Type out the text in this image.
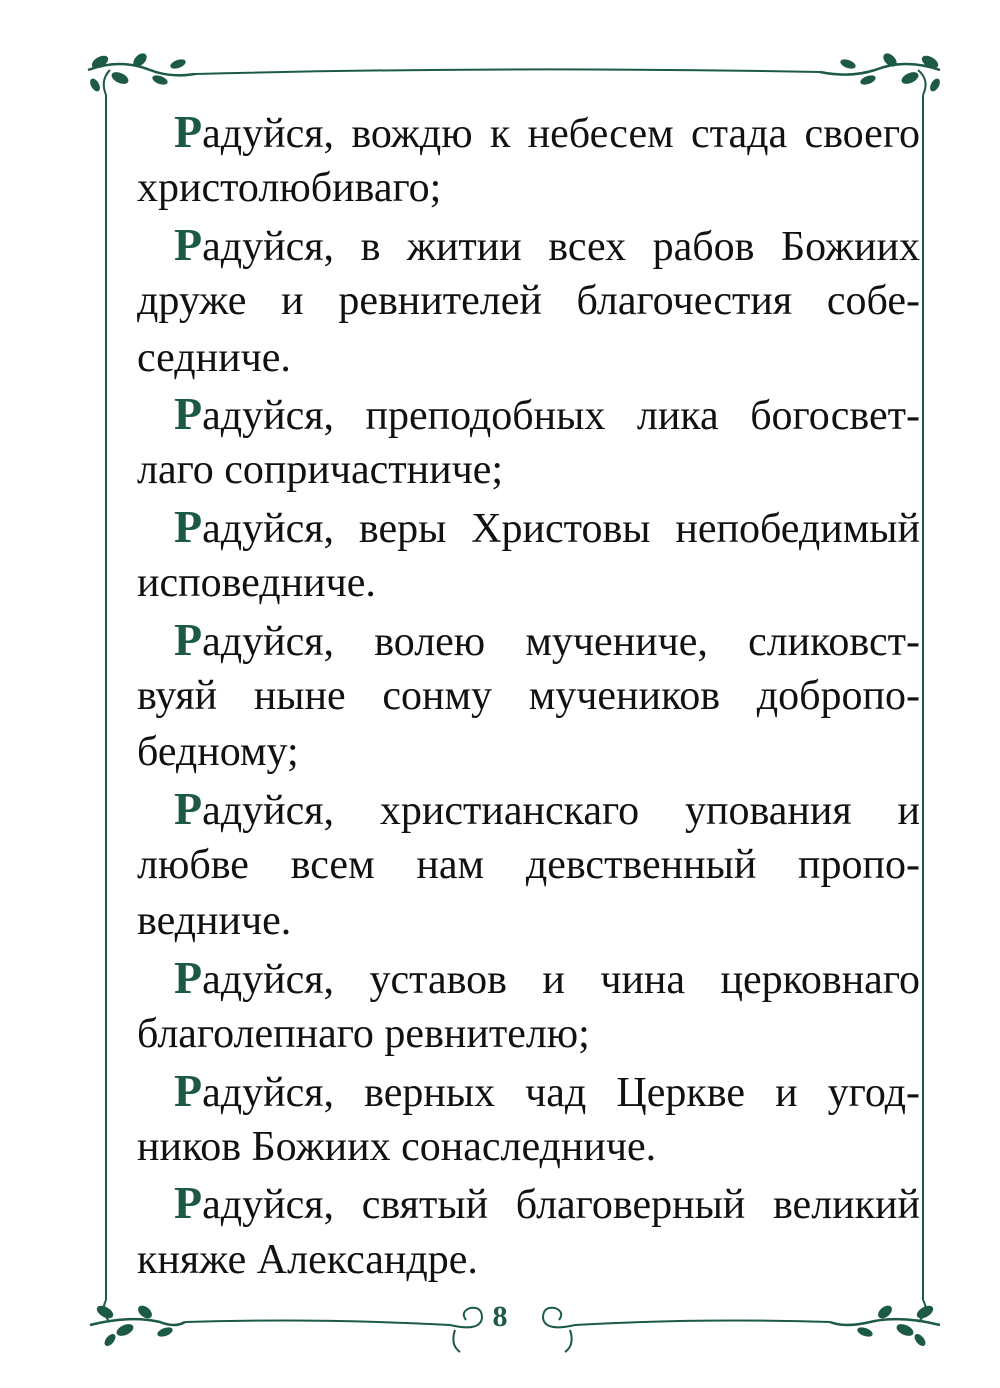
Радуйся, вождю к небесем стада своего
христолюбиваго;
Радуйся, в житии всех рабов Божиих
друже и ревнителей благочестия собе-
седниче.
Радуйся, преподобных лика богосвет-
лаго сопричастниче;
Радуйся, веры Христовы непобедимый
исповедниче.
Радуйся, волею мучениче, сликовст-
вуяй ныне сонму мучеников добропо-
бедному;
Радуйся, христианскаго упования и
любве всем нам девственный пропо-
ведниче.
Радуйся, уставов и чина церковнаго
благолепнаго ревнителю;
Радуйся, верных чад Церкве и угод-
ников Божиих сонаследниче.
Радуйся, святый благоверный великий
княже Александре.
8
